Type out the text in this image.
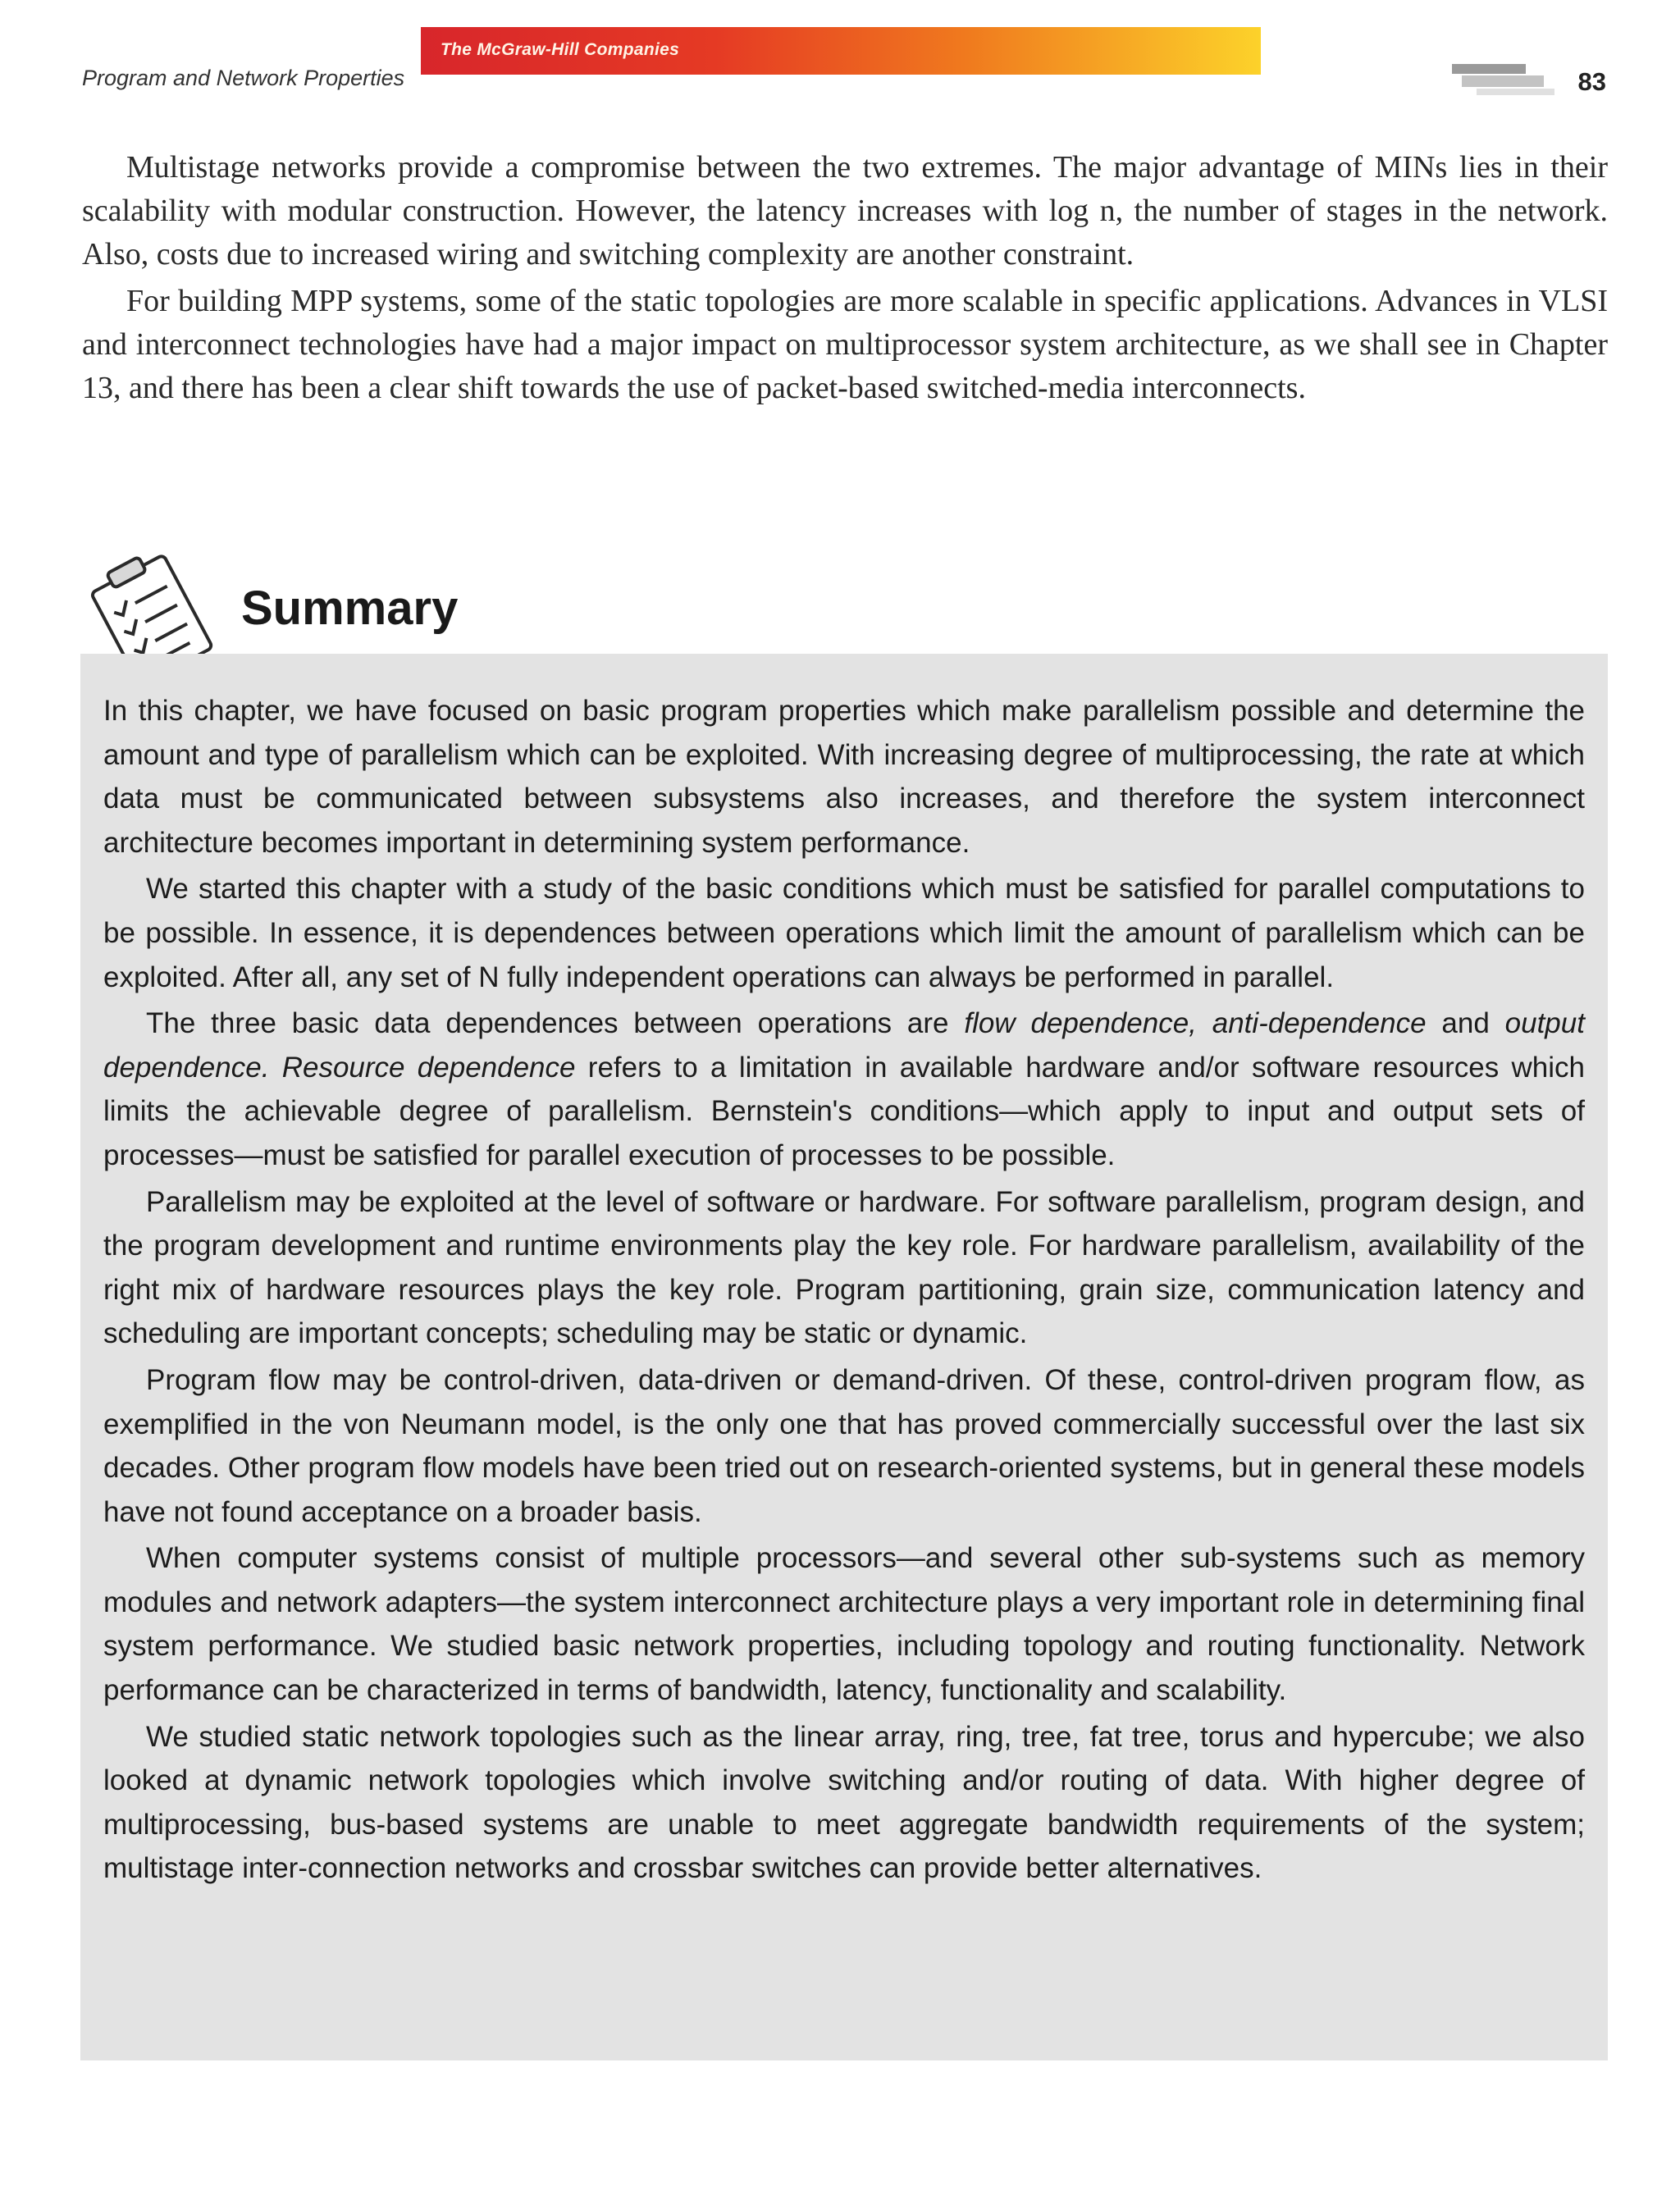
The McGraw-Hill Companies
Program and Network Properties	83

Multistage networks provide a compromise between the two extremes. The major advantage of MINs lies in their scalability with modular construction. However, the latency increases with log n, the number of stages in the network. Also, costs due to increased wiring and switching complexity are another constraint.

For building MPP systems, some of the static topologies are more scalable in specific applications. Advances in VLSI and interconnect technologies have had a major impact on multiprocessor system architecture, as we shall see in Chapter 13, and there has been a clear shift towards the use of packet-based switched-media interconnects.

Summary

In this chapter, we have focused on basic program properties which make parallelism possible and determine the amount and type of parallelism which can be exploited. With increasing degree of multiprocessing, the rate at which data must be communicated between subsystems also increases, and therefore the system interconnect architecture becomes important in determining system performance.

We started this chapter with a study of the basic conditions which must be satisfied for parallel computations to be possible. In essence, it is dependences between operations which limit the amount of parallelism which can be exploited. After all, any set of N fully independent operations can always be performed in parallel.

The three basic data dependences between operations are flow dependence, anti-dependence and output dependence. Resource dependence refers to a limitation in available hardware and/or software resources which limits the achievable degree of parallelism. Bernstein's conditions—which apply to input and output sets of processes—must be satisfied for parallel execution of processes to be possible.

Parallelism may be exploited at the level of software or hardware. For software parallelism, program design, and the program development and runtime environments play the key role. For hardware parallelism, availability of the right mix of hardware resources plays the key role. Program partitioning, grain size, communication latency and scheduling are important concepts; scheduling may be static or dynamic.

Program flow may be control-driven, data-driven or demand-driven. Of these, control-driven program flow, as exemplified in the von Neumann model, is the only one that has proved commercially successful over the last six decades. Other program flow models have been tried out on research-oriented systems, but in general these models have not found acceptance on a broader basis.

When computer systems consist of multiple processors—and several other sub-systems such as memory modules and network adapters—the system interconnect architecture plays a very important role in determining final system performance. We studied basic network properties, including topology and routing functionality. Network performance can be characterized in terms of bandwidth, latency, functionality and scalability.

We studied static network topologies such as the linear array, ring, tree, fat tree, torus and hypercube; we also looked at dynamic network topologies which involve switching and/or routing of data. With higher degree of multiprocessing, bus-based systems are unable to meet aggregate bandwidth requirements of the system; multistage inter-connection networks and crossbar switches can provide better alternatives.
